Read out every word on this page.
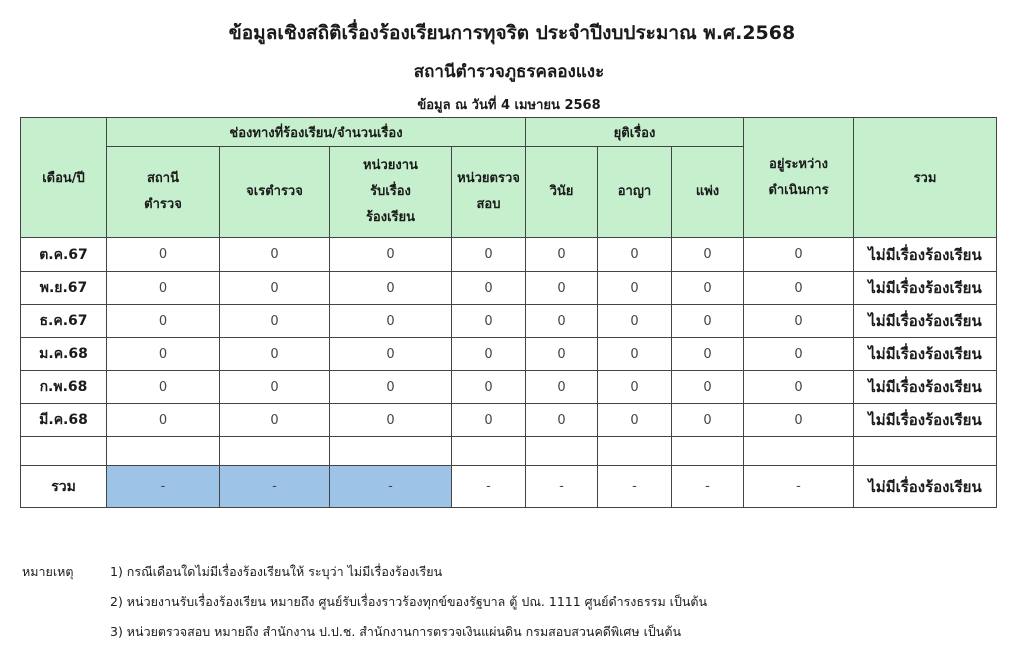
ข้อมูลเชิงสถิติเรื่องร้องเรียนการทุจริต ประจำปีงบประมาณ พ.ศ.2568
สถานีตำรวจภูธรคลองแงะ
ข้อมูล ณ วันที่ 4 เมษายน 2568
เดือน/ปี	ช่องทางที่ร้องเรียน/จำนวนเรื่อง				ยุติเรื่อง			อยู่ระหว่างดำเนินการ	รวม
	สถานีตำรวจ	จเรตำรวจ	หน่วยงานรับเรื่องร้องเรียน	หน่วยตรวจสอบ	วินัย	อาญา	แพ่ง		
ต.ค.67	0	0	0	0	0	0	0	0	ไม่มีเรื่องร้องเรียน
พ.ย.67	0	0	0	0	0	0	0	0	ไม่มีเรื่องร้องเรียน
ธ.ค.67	0	0	0	0	0	0	0	0	ไม่มีเรื่องร้องเรียน
ม.ค.68	0	0	0	0	0	0	0	0	ไม่มีเรื่องร้องเรียน
ก.พ.68	0	0	0	0	0	0	0	0	ไม่มีเรื่องร้องเรียน
มี.ค.68	0	0	0	0	0	0	0	0	ไม่มีเรื่องร้องเรียน

รวม	-	-	-	-	-	-	-	-	ไม่มีเรื่องร้องเรียน
หมายเหตุ	1) กรณีเดือนใดไม่มีเรื่องร้องเรียนให้ ระบุว่า ไม่มีเรื่องร้องเรียน
2) หน่วยงานรับเรื่องร้องเรียน หมายถึง ศูนย์รับเรื่องราวร้องทุกข์ของรัฐบาล ตู้ ปณ. 1111 ศูนย์ดำรงธรรม เป็นต้น
3) หน่วยตรวจสอบ หมายถึง สำนักงาน ป.ป.ช. สำนักงานการตรวจเงินแผ่นดิน กรมสอบสวนคดีพิเศษ เป็นต้น
